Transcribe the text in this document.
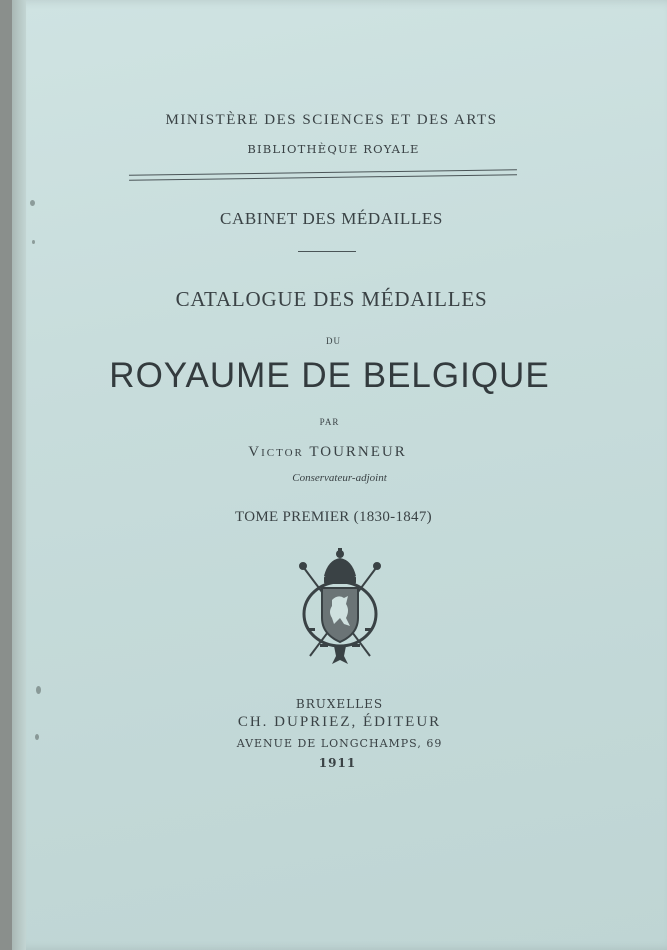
MINISTÈRE DES SCIENCES ET DES ARTS
BIBLIOTHÈQUE ROYALE
CABINET DES MÉDAILLES
CATALOGUE DES MÉDAILLES
DU
ROYAUME DE BELGIQUE
PAR
Victor TOURNEUR
Conservateur-adjoint
TOME PREMIER (1830-1847)
BRUXELLES
CH. DUPRIEZ, ÉDITEUR
AVENUE DE LONGCHAMPS, 69
1911
